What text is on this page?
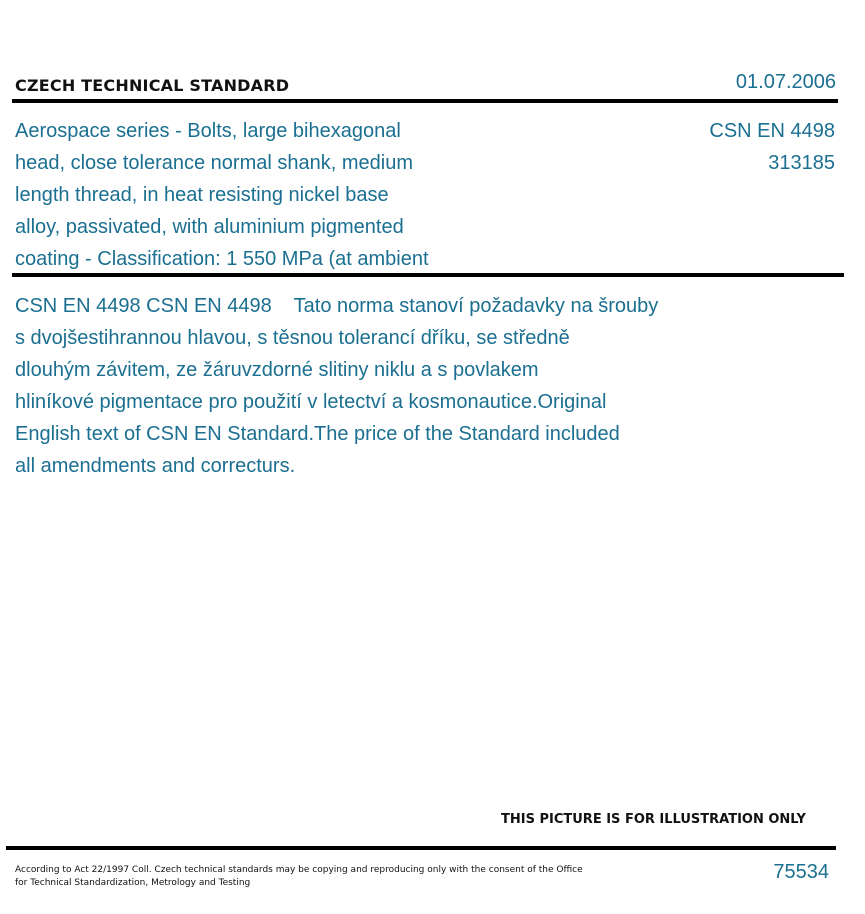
CZECH TECHNICAL STANDARD	01.07.2006
Aerospace series - Bolts, large bihexagonal
head, close tolerance normal shank, medium
length thread, in heat resisting nickel base
alloy, passivated, with aluminium pigmented
coating - Classification: 1 550 MPa (at ambient
CSN EN 4498
313185
CSN EN 4498 CSN EN 4498    Tato norma stanoví požadavky na šrouby
s dvojšestihrannou hlavou, s těsnou tolerancí dříku, se středně
dlouhým závitem, ze žáruvzdorné slitiny niklu a s povlakem
hliníkové pigmentace pro použití v letectví a kosmonautice.Original
English text of CSN EN Standard.The price of the Standard included
all amendments and correcturs.
THIS PICTURE IS FOR ILLUSTRATION ONLY
According to Act 22/1997 Coll. Czech technical standards may be copying and reproducing only with the consent of the Office
for Technical Standardization, Metrology and Testing	75534
